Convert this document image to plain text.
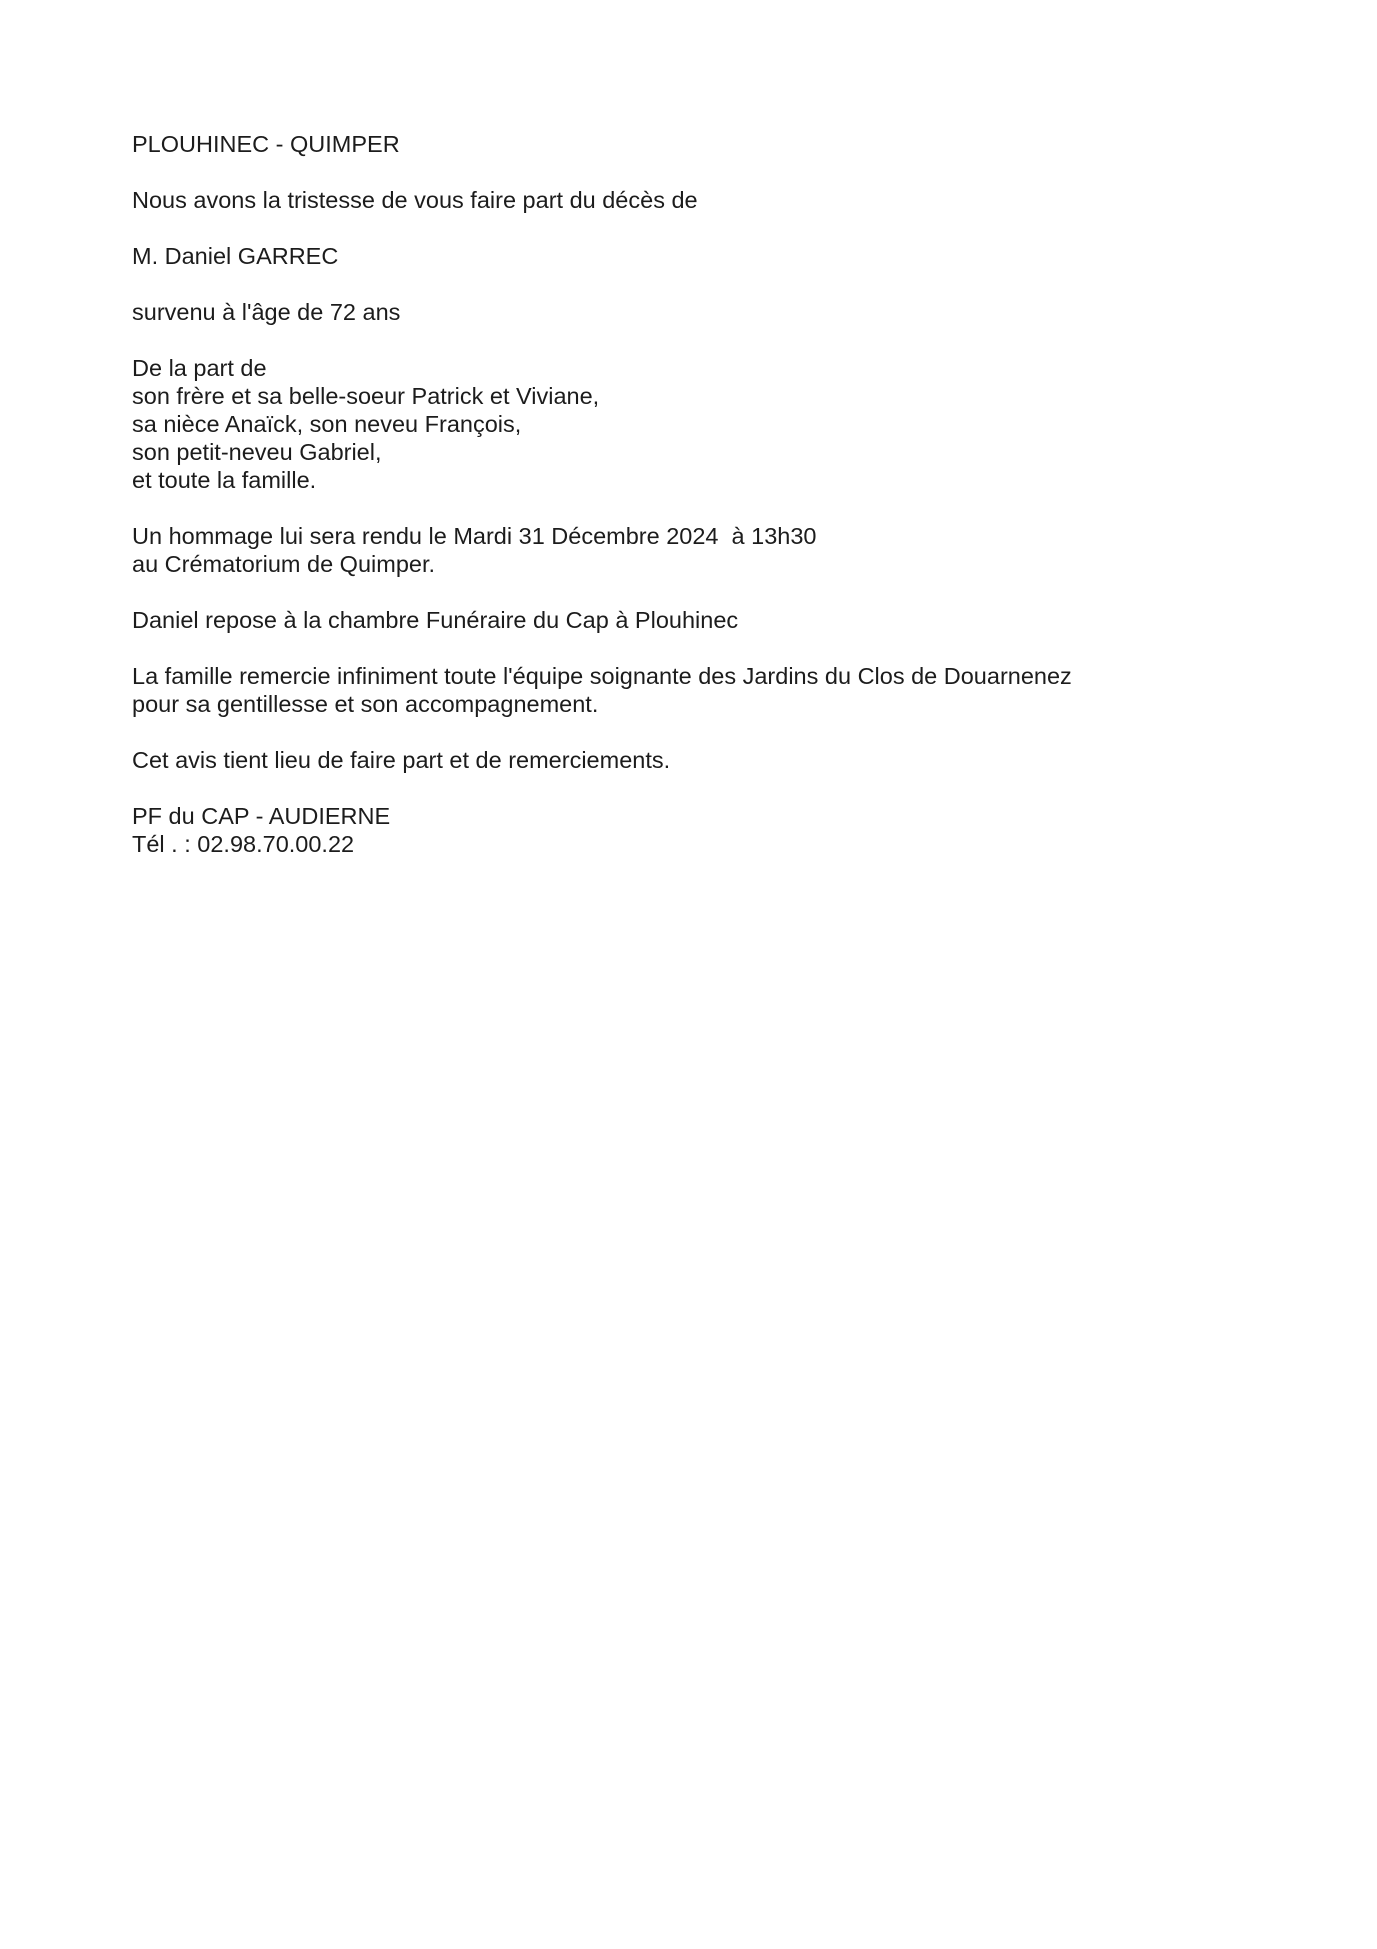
PLOUHINEC - QUIMPER

Nous avons la tristesse de vous faire part du décès de

M. Daniel GARREC

survenu à l'âge de 72 ans

De la part de
son frère et sa belle-soeur Patrick et Viviane,
sa nièce Anaïck, son neveu François,
son petit-neveu Gabriel,
et toute la famille.

Un hommage lui sera rendu le Mardi 31 Décembre 2024  à 13h30
au Crématorium de Quimper.

Daniel repose à la chambre Funéraire du Cap à Plouhinec

La famille remercie infiniment toute l'équipe soignante des Jardins du Clos de Douarnenez
pour sa gentillesse et son accompagnement.

Cet avis tient lieu de faire part et de remerciements.

PF du CAP - AUDIERNE
Tél . : 02.98.70.00.22
